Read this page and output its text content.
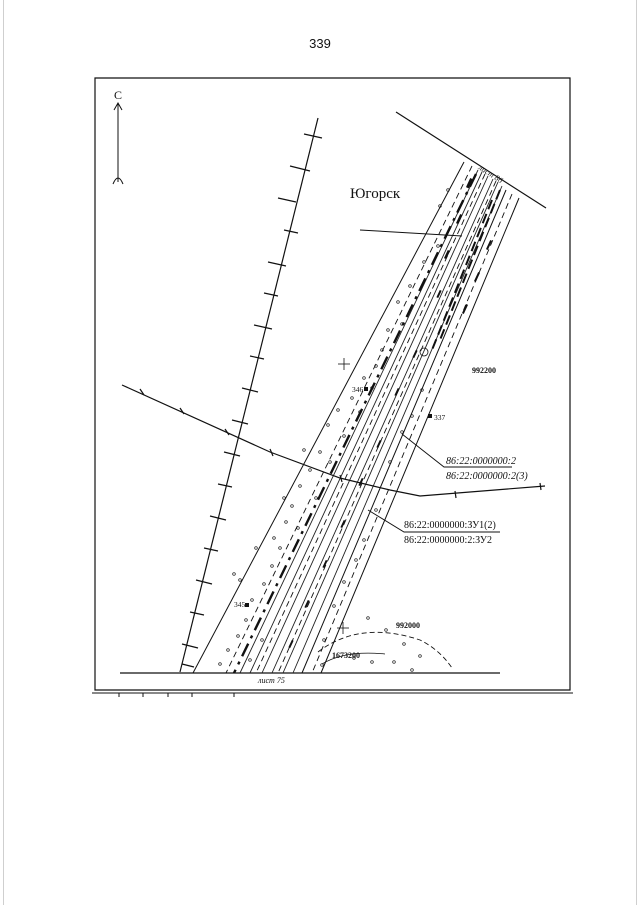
339
С
лист 86
лист 75
346
337
345
Югорск
992200
992000
1673200
86:22:0000000:2
86:22:0000000:2(3)
86:22:0000000:ЗУ1(2)
86:22:0000000:2:ЗУ2
